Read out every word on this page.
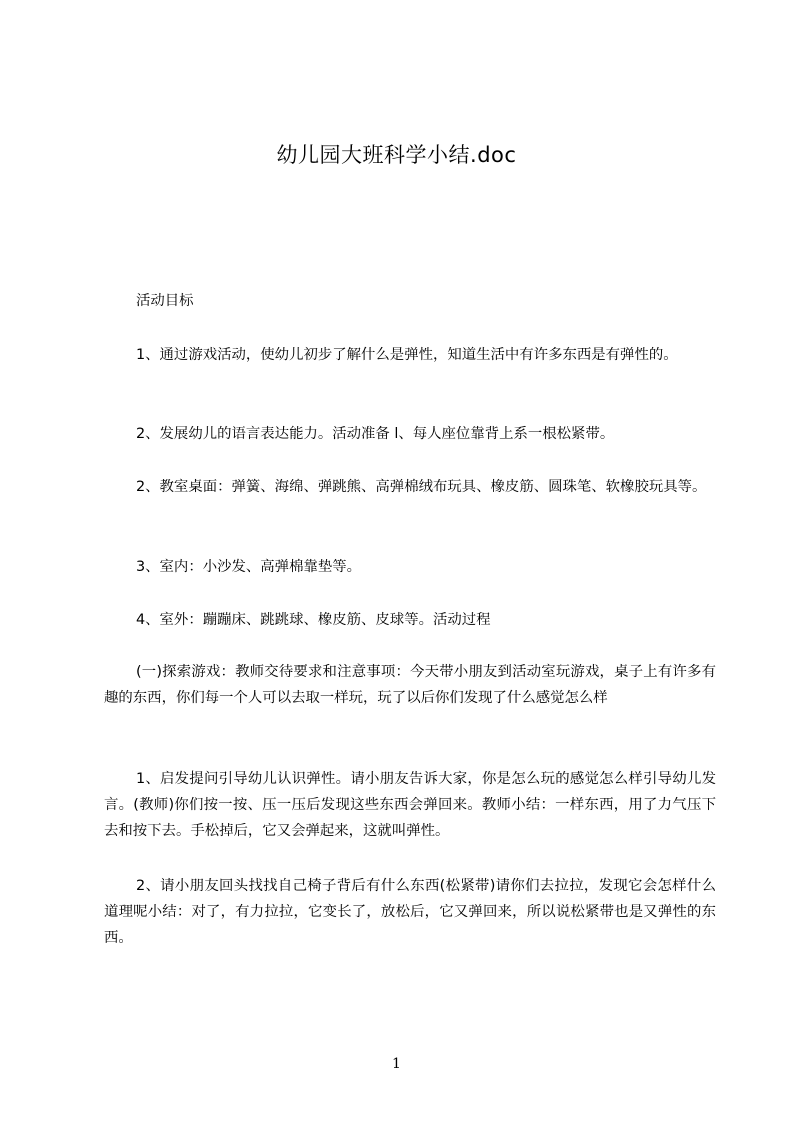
幼儿园大班科学小结.doc
活动目标
1、通过游戏活动，使幼儿初步了解什么是弹性，知道生活中有许多东西是有弹性的。
2、发展幼儿的语言表达能力。活动准备 l、每人座位靠背上系一根松紧带。
2、教室桌面：弹簧、海绵、弹跳熊、高弹棉绒布玩具、橡皮筋、圆珠笔、软橡胶玩具等。
3、室内：小沙发、高弹棉靠垫等。
4、室外：蹦蹦床、跳跳球、橡皮筋、皮球等。活动过程
(一)探索游戏：教师交待要求和注意事项：今天带小朋友到活动室玩游戏，桌子上有许多有趣的东西，你们每一个人可以去取一样玩，玩了以后你们发现了什么感觉怎么样
1、启发提问引导幼儿认识弹性。请小朋友告诉大家，你是怎么玩的感觉怎么样引导幼儿发言。(教师)你们按一按、压一压后发现这些东西会弹回来。教师小结：一样东西，用了力气压下去和按下去。手松掉后，它又会弹起来，这就叫弹性。
2、请小朋友回头找找自己椅子背后有什么东西(松紧带)请你们去拉拉，发现它会怎样什么道理呢小结：对了，有力拉拉，它变长了，放松后，它又弹回来，所以说松紧带也是又弹性的东西。
1
